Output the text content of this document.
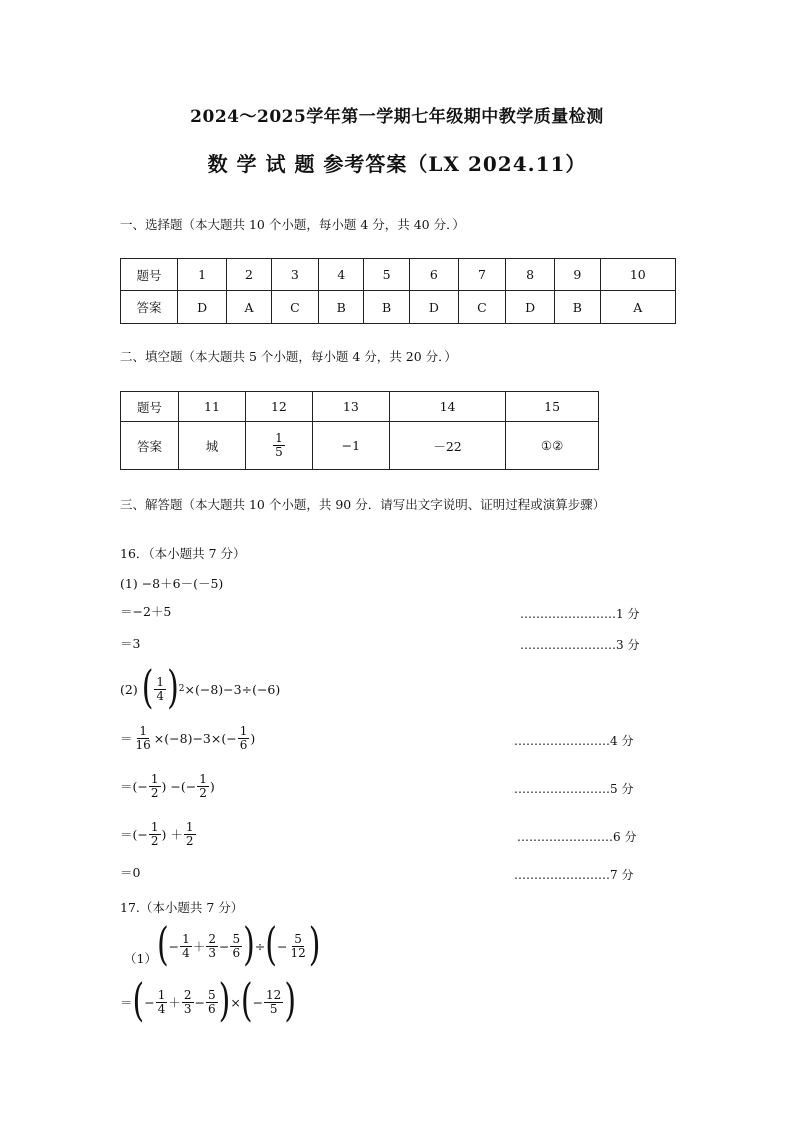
2024～2025学年第一学期七年级期中教学质量检测
数 学 试 题 参考答案（LX 2024.11）
一、选择题（本大题共 10 个小题，每小题 4 分，共 40 分．）
题号	1	2	3	4	5	6	7	8	9	10
答案	D	A	C	B	B	D	C	D	B	A
二、填空题（本大题共 5 个小题，每小题 4 分，共 20 分．）
题号	11	12	13	14	15
答案	城	$\frac{1}{5}$	−1	－22	①②
三、解答题（本大题共 10 个小题，共 90 分．请写出文字说明、证明过程或演算步骤）
16．（本小题共 7 分）
(1) −8＋6－(－5)
＝−2＋5	……………………1 分
＝3	……………………3 分
(2)
( $\frac{1}{4}$ ) 2 ×(−8)−3÷(−6)
＝ $\frac{1}{16} \times(-8)-3\times(- \frac{1}{6}$ )	……………………4 分
＝(− $\frac{1}{2}$ ) −(− $\frac{1}{2}$ )	……………………5 分
＝(− $\frac{1}{2}$ ) ＋ $\frac{1}{2}$	……………………6 分
＝0	……………………7 分
17.（本小题共 7 分）
（1） ( − $\frac{1}{4} + \frac{2}{3} - \frac{5}{6}$ ) ÷ ( − $\frac{5}{12}$ )
＝ ( − $\frac{1}{4} + \frac{2}{3} - \frac{5}{6}$ ) × ( − $\frac{12}{5}$ )
